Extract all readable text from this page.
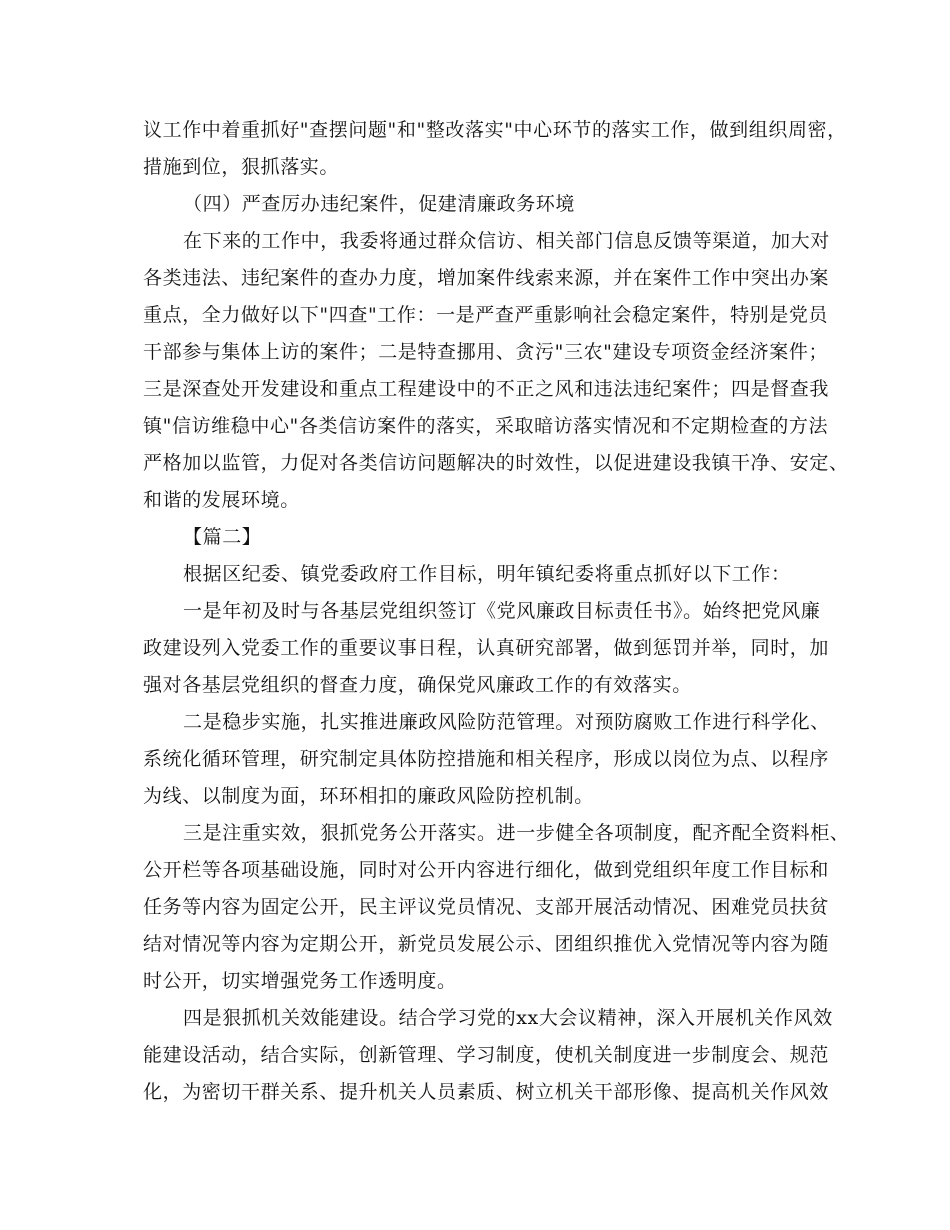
议工作中着重抓好"查摆问题"和"整改落实"中心环节的落实工作，做到组织周密，
措施到位，狠抓落实。
（四）严查厉办违纪案件，促建清廉政务环境
在下来的工作中，我委将通过群众信访、相关部门信息反馈等渠道，加大对
各类违法、违纪案件的查办力度，增加案件线索来源，并在案件工作中突出办案
重点，全力做好以下"四查"工作：一是严查严重影响社会稳定案件，特别是党员
干部参与集体上访的案件；二是特查挪用、贪污"三农"建设专项资金经济案件；
三是深查处开发建设和重点工程建设中的不正之风和违法违纪案件；四是督查我
镇"信访维稳中心"各类信访案件的落实，采取暗访落实情况和不定期检查的方法
严格加以监管，力促对各类信访问题解决的时效性，以促进建设我镇干净、安定、
和谐的发展环境。
【篇二】
根据区纪委、镇党委政府工作目标，明年镇纪委将重点抓好以下工作：
一是年初及时与各基层党组织签订《党风廉政目标责任书》。始终把党风廉
政建设列入党委工作的重要议事日程，认真研究部署，做到惩罚并举，同时，加
强对各基层党组织的督查力度，确保党风廉政工作的有效落实。
二是稳步实施，扎实推进廉政风险防范管理。对预防腐败工作进行科学化、
系统化循环管理，研究制定具体防控措施和相关程序，形成以岗位为点、以程序
为线、以制度为面，环环相扣的廉政风险防控机制。
三是注重实效，狠抓党务公开落实。进一步健全各项制度，配齐配全资料柜、
公开栏等各项基础设施，同时对公开内容进行细化，做到党组织年度工作目标和
任务等内容为固定公开，民主评议党员情况、支部开展活动情况、困难党员扶贫
结对情况等内容为定期公开，新党员发展公示、团组织推优入党情况等内容为随
时公开，切实增强党务工作透明度。
四是狠抓机关效能建设。结合学习党的xx大会议精神，深入开展机关作风效
能建设活动，结合实际，创新管理、学习制度，使机关制度进一步制度会、规范
化，为密切干群关系、提升机关人员素质、树立机关干部形像、提高机关作风效
